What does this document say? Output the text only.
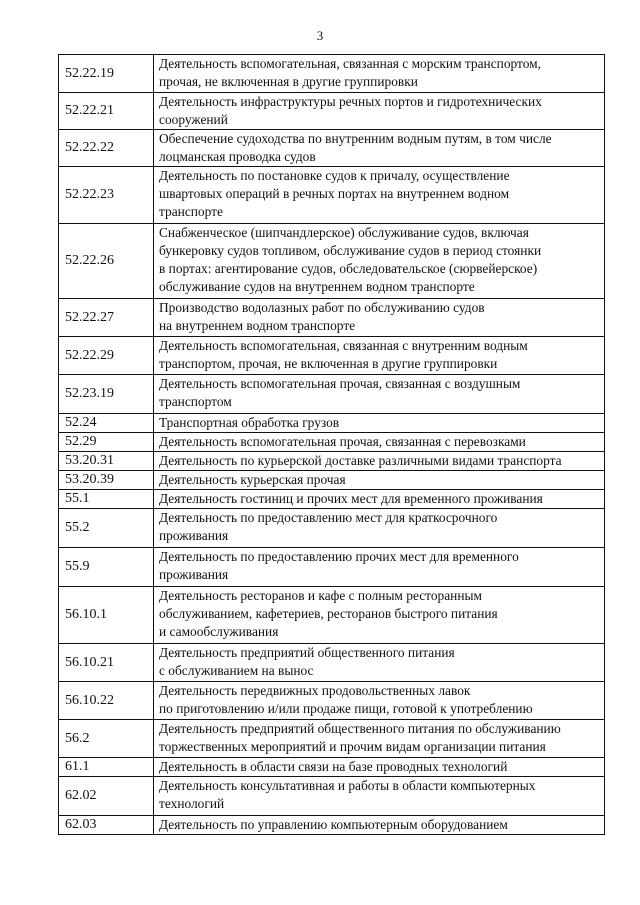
3
52.22.19	Деятельность вспомогательная, связанная с морским транспортом,
прочая, не включенная в другие группировки
52.22.21	Деятельность инфраструктуры речных портов и гидротехнических
сооружений
52.22.22	Обеспечение судоходства по внутренним водным путям, в том числе
лоцманская проводка судов
52.22.23	Деятельность по постановке судов к причалу, осуществление
швартовых операций в речных портах на внутреннем водном
транспорте
52.22.26	Снабженческое (шипчандлерское) обслуживание судов, включая
бункеровку судов топливом, обслуживание судов в период стоянки
в портах: агентирование судов, обследовательское (сюрвейерское)
обслуживание судов на внутреннем водном транспорте
52.22.27	Производство водолазных работ по обслуживанию судов
на внутреннем водном транспорте
52.22.29	Деятельность вспомогательная, связанная с внутренним водным
транспортом, прочая, не включенная в другие группировки
52.23.19	Деятельность вспомогательная прочая, связанная с воздушным
транспортом
52.24	Транспортная обработка грузов
52.29	Деятельность вспомогательная прочая, связанная с перевозками
53.20.31	Деятельность по курьерской доставке различными видами транспорта
53.20.39	Деятельность курьерская прочая
55.1	Деятельность гостиниц и прочих мест для временного проживания
55.2	Деятельность по предоставлению мест для краткосрочного
проживания
55.9	Деятельность по предоставлению прочих мест для временного
проживания
56.10.1	Деятельность ресторанов и кафе с полным ресторанным
обслуживанием, кафетериев, ресторанов быстрого питания
и самообслуживания
56.10.21	Деятельность предприятий общественного питания
с обслуживанием на вынос
56.10.22	Деятельность передвижных продовольственных лавок
по приготовлению и/или продаже пищи, готовой к употреблению
56.2	Деятельность предприятий общественного питания по обслуживанию
торжественных мероприятий и прочим видам организации питания
61.1	Деятельность в области связи на базе проводных технологий
62.02	Деятельность консультативная и работы в области компьютерных
технологий
62.03	Деятельность по управлению компьютерным оборудованием
